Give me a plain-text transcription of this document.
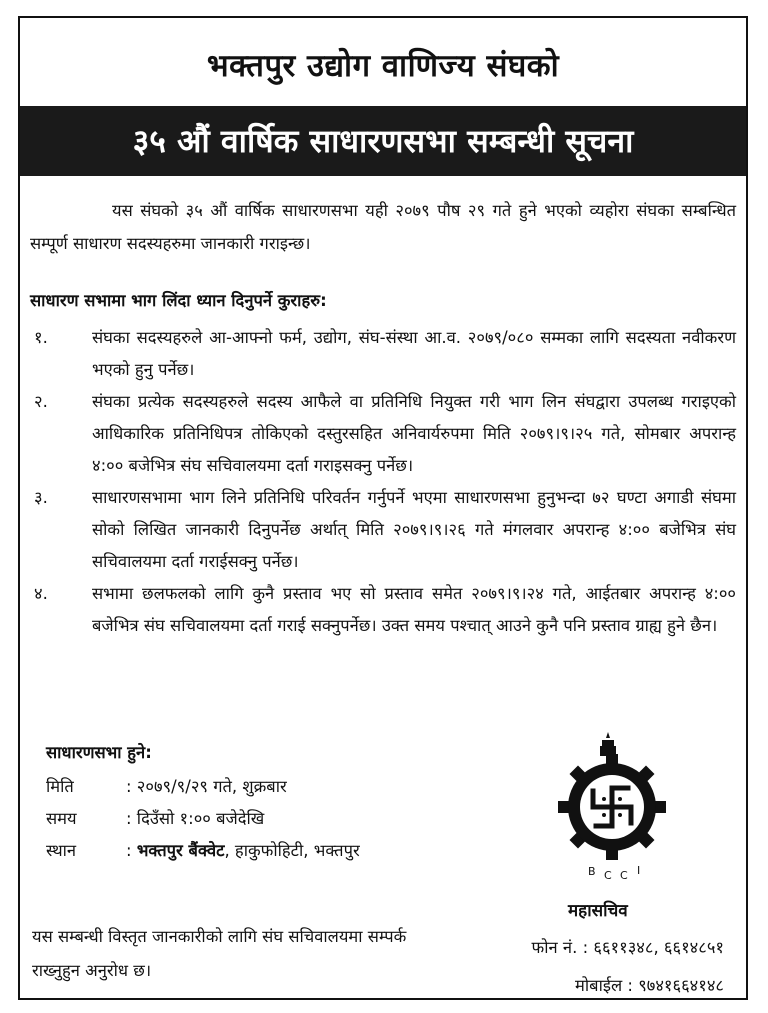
भक्तपुर उद्योग वाणिज्य संघको
३५ औं वार्षिक साधारणसभा सम्बन्धी सूचना
यस संघको ३५ औं वार्षिक साधारणसभा यही २०७९ पौष २९ गते हुने भएको व्यहोरा संघका सम्बन्धित सम्पूर्ण साधारण सदस्यहरुमा जानकारी गराइन्छ।
साधारण सभामा भाग लिंदा ध्यान दिनुपर्ने कुराहरु:
१.	संघका सदस्यहरुले आ-आफ्नो फर्म, उद्योग, संघ-संस्था आ.व. २०७९/०८० सम्मका लागि सदस्यता नवीकरण भएको हुनु पर्नेछ।
२.	संघका प्रत्येक सदस्यहरुले सदस्य आफैले वा प्रतिनिधि नियुक्त गरी भाग लिन संघद्वारा उपलब्ध गराइएको आधिकारिक प्रतिनिधिपत्र तोकिएको दस्तुरसहित अनिवार्यरुपमा मिति २०७९।९।२५ गते, सोमबार अपरान्ह ४:०० बजेभित्र संघ सचिवालयमा दर्ता गराइसक्नु पर्नेछ।
३.	साधारणसभामा भाग लिने प्रतिनिधि परिवर्तन गर्नुपर्ने भएमा साधारणसभा हुनुभन्दा ७२ घण्टा अगाडी संघमा सोको लिखित जानकारी दिनुपर्नेछ अर्थात् मिति २०७९।९।२६ गते मंगलवार अपरान्ह ४:०० बजेभित्र संघ सचिवालयमा दर्ता गराईसक्नु पर्नेछ।
४.	सभामा छलफलको लागि कुनै प्रस्ताव भए सो प्रस्ताव समेत २०७९।९।२४ गते, आईतबार अपरान्ह ४:०० बजेभित्र संघ सचिवालयमा दर्ता गराई सक्नुपर्नेछ। उक्त समय पश्चात् आउने कुनै पनि प्रस्ताव ग्राह्य हुने छैन।
साधारणसभा हुने:
मिति	: २०७९/९/२९ गते, शुक्रबार
समय	: दिउँसो १:०० बजेदेखि
स्थान	: भक्तपुर बैंक्वेट, हाकुफोहिटी, भक्तपुर
B C C I
यस सम्बन्धी विस्तृत जानकारीको लागि संघ सचिवालयमा सम्पर्क राख्नुहुन अनुरोध छ।
महासचिव
फोन नं. : ६६११३४८, ६६१४८५१
मोबाईल : ९७४१६६४१४८
